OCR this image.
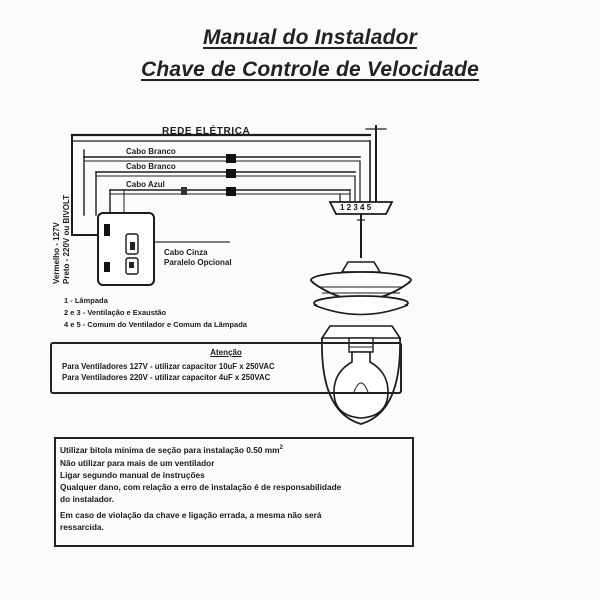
Manual do Instalador
Chave de Controle de Velocidade
1 2 3 4 5
REDE ELÉTRICA
Cabo Branco
Cabo Branco
Cabo Azul
Vermelho - 127V Preto - 220V ou BIVOLT	Cabo Cinza
Paralelo Opcional
1 - Lâmpada
2 e 3 - Ventilação e Exaustão
4 e 5 - Comum do Ventilador e Comum da Lâmpada
Atenção
Para Ventiladores 127V - utilizar capacitor 10uF x 250VAC
Para Ventiladores 220V - utilizar capacitor 4uF x 250VAC
Utilizar bitola mínima de seção para instalação 0.50 $mm^2$
Não utilizar para mais de um ventilador
Ligar segundo manual de instruções
Qualquer dano, com relação a erro de instalação é de responsabilidade
do instalador.
Em caso de violação da chave e ligação errada, a mesma não será
ressarcida.
